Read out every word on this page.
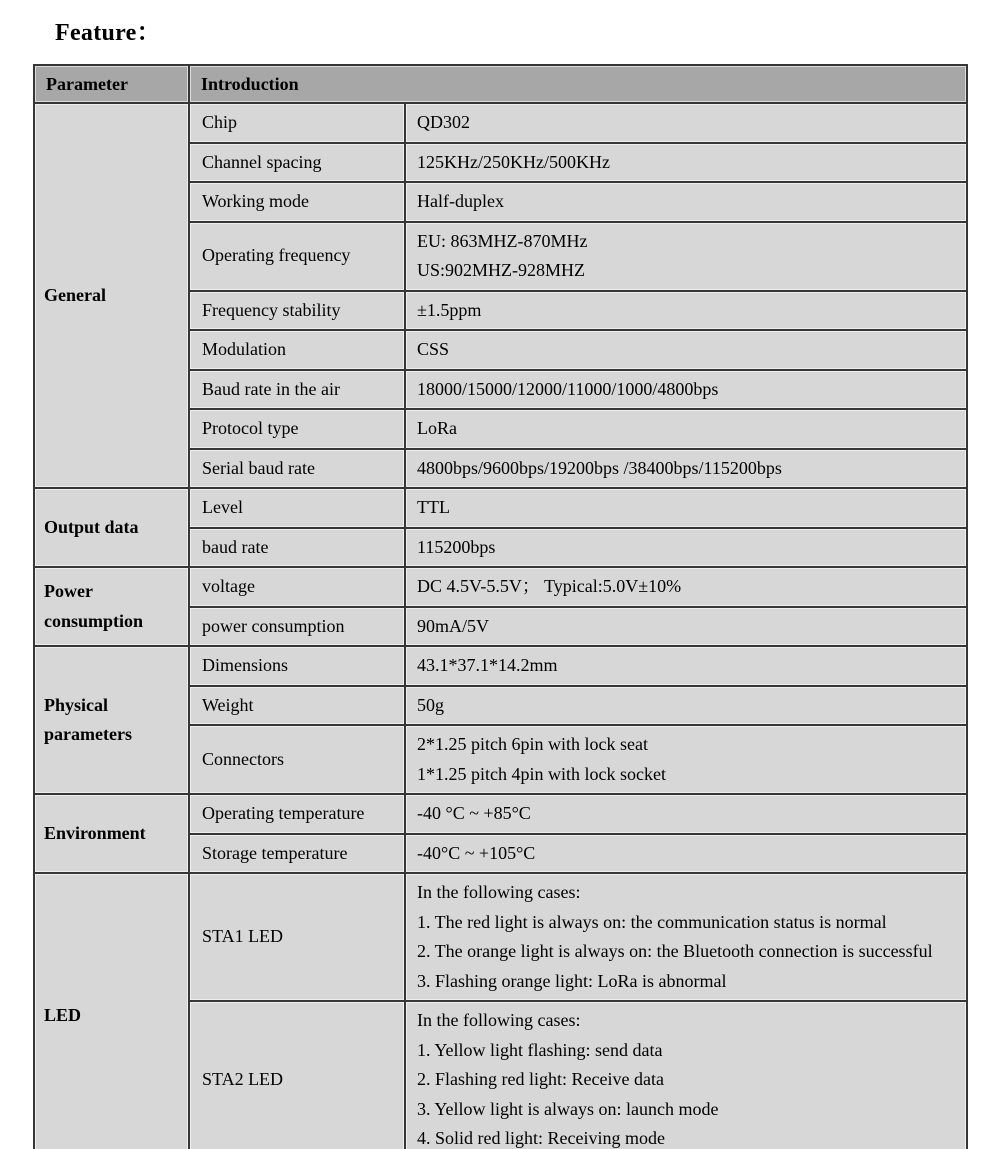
Feature：
Parameter	Introduction	
General	Chip	QD302

	Channel spacing	125KHz/250KHz/500KHz

	Working mode	Half-duplex

	Operating frequency	EU: 863MHZ-870MHz
US:902MHZ-928MHZ

	Frequency stability	±1.5ppm

	Modulation	CSS

	Baud rate in the air	18000/15000/12000/11000/1000/4800bps

	Protocol type	LoRa

	Serial baud rate	4800bps/9600bps/19200bps /38400bps/115200bps

Output data	Level	TTL

	baud rate	115200bps

Power consumption	voltage	DC 4.5V-5.5V； Typical:5.0V±10%

	power consumption	90mA/5V

Physical parameters	Dimensions	43.1*37.1*14.2mm

	Weight	50g

	Connectors	2*1.25 pitch 6pin with lock seat
1*1.25 pitch 4pin with lock socket

Environment	Operating temperature	-40 °C ~ +85°C

	Storage temperature	-40°C ~ +105°C

LED	STA1 LED	In the following cases:
1. The red light is always on: the communication status is normal
2. The orange light is always on: the Bluetooth connection is successful
3. Flashing orange light: LoRa is abnormal

	STA2 LED	In the following cases:
1. Yellow light flashing: send data
2. Flashing red light: Receive data
3. Yellow light is always on: launch mode
4. Solid red light: Receiving mode
